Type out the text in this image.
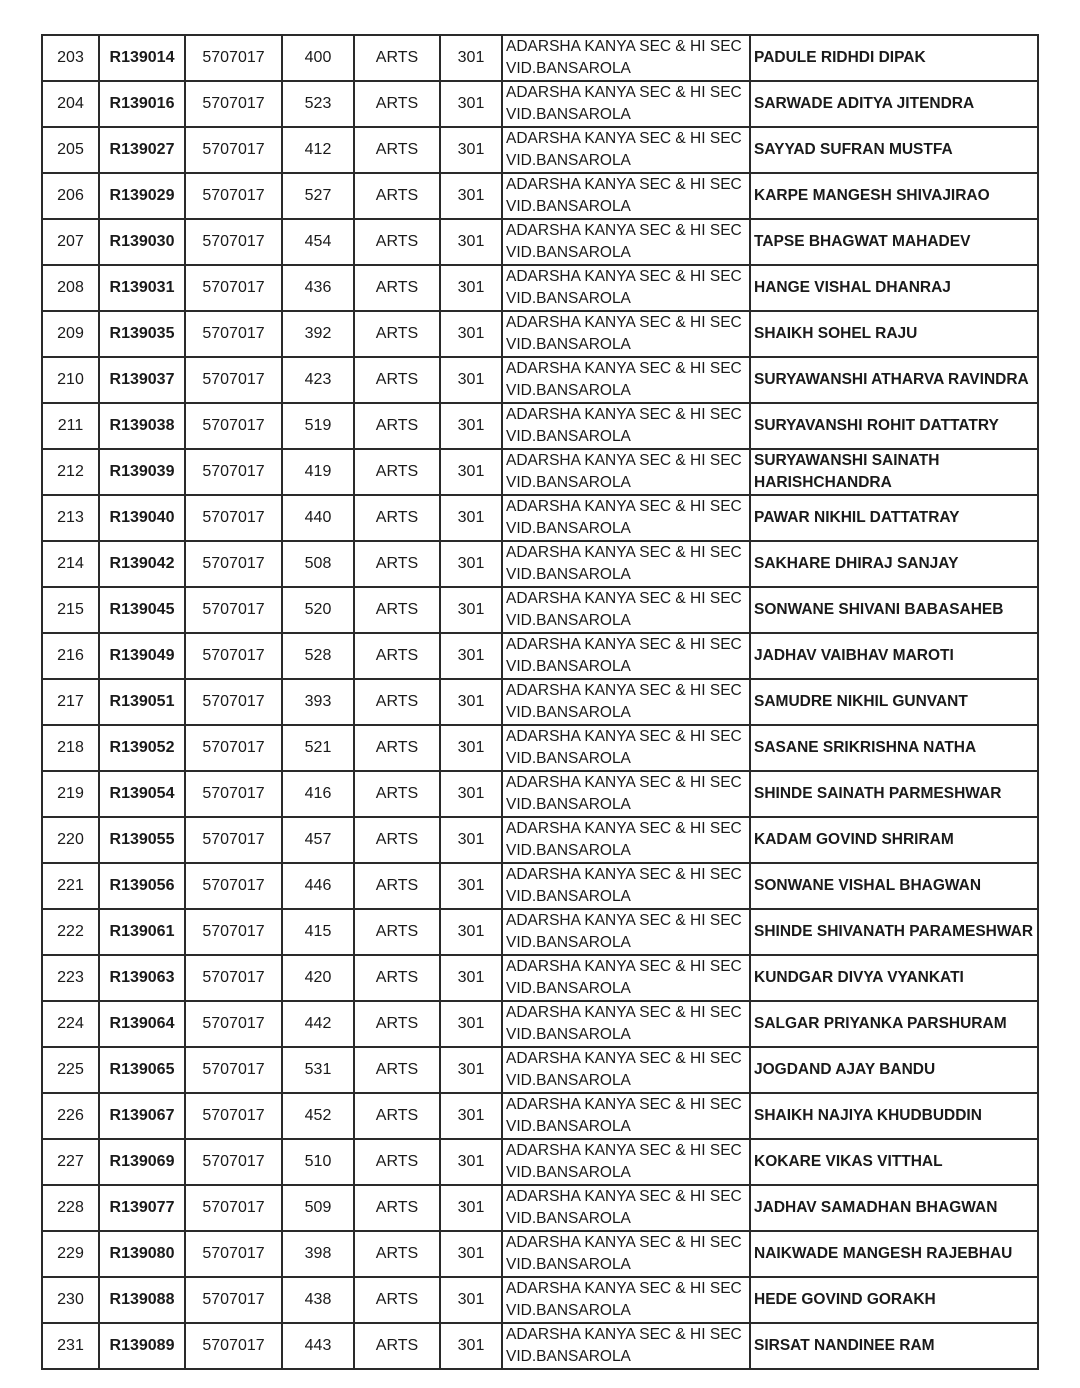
203	R139014	5707017	400	ARTS	301	ADARSHA KANYA SEC & HI SEC
VID.BANSAROLA	PADULE RIDHDI DIPAK
204	R139016	5707017	523	ARTS	301	ADARSHA KANYA SEC & HI SEC
VID.BANSAROLA	SARWADE ADITYA JITENDRA
205	R139027	5707017	412	ARTS	301	ADARSHA KANYA SEC & HI SEC
VID.BANSAROLA	SAYYAD SUFRAN MUSTFA
206	R139029	5707017	527	ARTS	301	ADARSHA KANYA SEC & HI SEC
VID.BANSAROLA	KARPE MANGESH SHIVAJIRAO
207	R139030	5707017	454	ARTS	301	ADARSHA KANYA SEC & HI SEC
VID.BANSAROLA	TAPSE BHAGWAT MAHADEV
208	R139031	5707017	436	ARTS	301	ADARSHA KANYA SEC & HI SEC
VID.BANSAROLA	HANGE VISHAL DHANRAJ
209	R139035	5707017	392	ARTS	301	ADARSHA KANYA SEC & HI SEC
VID.BANSAROLA	SHAIKH SOHEL RAJU
210	R139037	5707017	423	ARTS	301	ADARSHA KANYA SEC & HI SEC
VID.BANSAROLA	SURYAWANSHI ATHARVA RAVINDRA
211	R139038	5707017	519	ARTS	301	ADARSHA KANYA SEC & HI SEC
VID.BANSAROLA	SURYAVANSHI ROHIT DATTATRY
212	R139039	5707017	419	ARTS	301	ADARSHA KANYA SEC & HI SEC
VID.BANSAROLA	SURYAWANSHI SAINATH HARISHCHANDRA
213	R139040	5707017	440	ARTS	301	ADARSHA KANYA SEC & HI SEC
VID.BANSAROLA	PAWAR NIKHIL DATTATRAY
214	R139042	5707017	508	ARTS	301	ADARSHA KANYA SEC & HI SEC
VID.BANSAROLA	SAKHARE DHIRAJ SANJAY
215	R139045	5707017	520	ARTS	301	ADARSHA KANYA SEC & HI SEC
VID.BANSAROLA	SONWANE SHIVANI BABASAHEB
216	R139049	5707017	528	ARTS	301	ADARSHA KANYA SEC & HI SEC
VID.BANSAROLA	JADHAV VAIBHAV MAROTI
217	R139051	5707017	393	ARTS	301	ADARSHA KANYA SEC & HI SEC
VID.BANSAROLA	SAMUDRE NIKHIL GUNVANT
218	R139052	5707017	521	ARTS	301	ADARSHA KANYA SEC & HI SEC
VID.BANSAROLA	SASANE SRIKRISHNA NATHA
219	R139054	5707017	416	ARTS	301	ADARSHA KANYA SEC & HI SEC
VID.BANSAROLA	SHINDE SAINATH PARMESHWAR
220	R139055	5707017	457	ARTS	301	ADARSHA KANYA SEC & HI SEC
VID.BANSAROLA	KADAM GOVIND SHRIRAM
221	R139056	5707017	446	ARTS	301	ADARSHA KANYA SEC & HI SEC
VID.BANSAROLA	SONWANE VISHAL BHAGWAN
222	R139061	5707017	415	ARTS	301	ADARSHA KANYA SEC & HI SEC
VID.BANSAROLA	SHINDE SHIVANATH PARAMESHWAR
223	R139063	5707017	420	ARTS	301	ADARSHA KANYA SEC & HI SEC
VID.BANSAROLA	KUNDGAR DIVYA VYANKATI
224	R139064	5707017	442	ARTS	301	ADARSHA KANYA SEC & HI SEC
VID.BANSAROLA	SALGAR PRIYANKA PARSHURAM
225	R139065	5707017	531	ARTS	301	ADARSHA KANYA SEC & HI SEC
VID.BANSAROLA	JOGDAND AJAY BANDU
226	R139067	5707017	452	ARTS	301	ADARSHA KANYA SEC & HI SEC
VID.BANSAROLA	SHAIKH NAJIYA KHUDBUDDIN
227	R139069	5707017	510	ARTS	301	ADARSHA KANYA SEC & HI SEC
VID.BANSAROLA	KOKARE VIKAS VITTHAL
228	R139077	5707017	509	ARTS	301	ADARSHA KANYA SEC & HI SEC
VID.BANSAROLA	JADHAV SAMADHAN BHAGWAN
229	R139080	5707017	398	ARTS	301	ADARSHA KANYA SEC & HI SEC
VID.BANSAROLA	NAIKWADE MANGESH RAJEBHAU
230	R139088	5707017	438	ARTS	301	ADARSHA KANYA SEC & HI SEC
VID.BANSAROLA	HEDE GOVIND GORAKH
231	R139089	5707017	443	ARTS	301	ADARSHA KANYA SEC & HI SEC
VID.BANSAROLA	SIRSAT NANDINEE RAM
